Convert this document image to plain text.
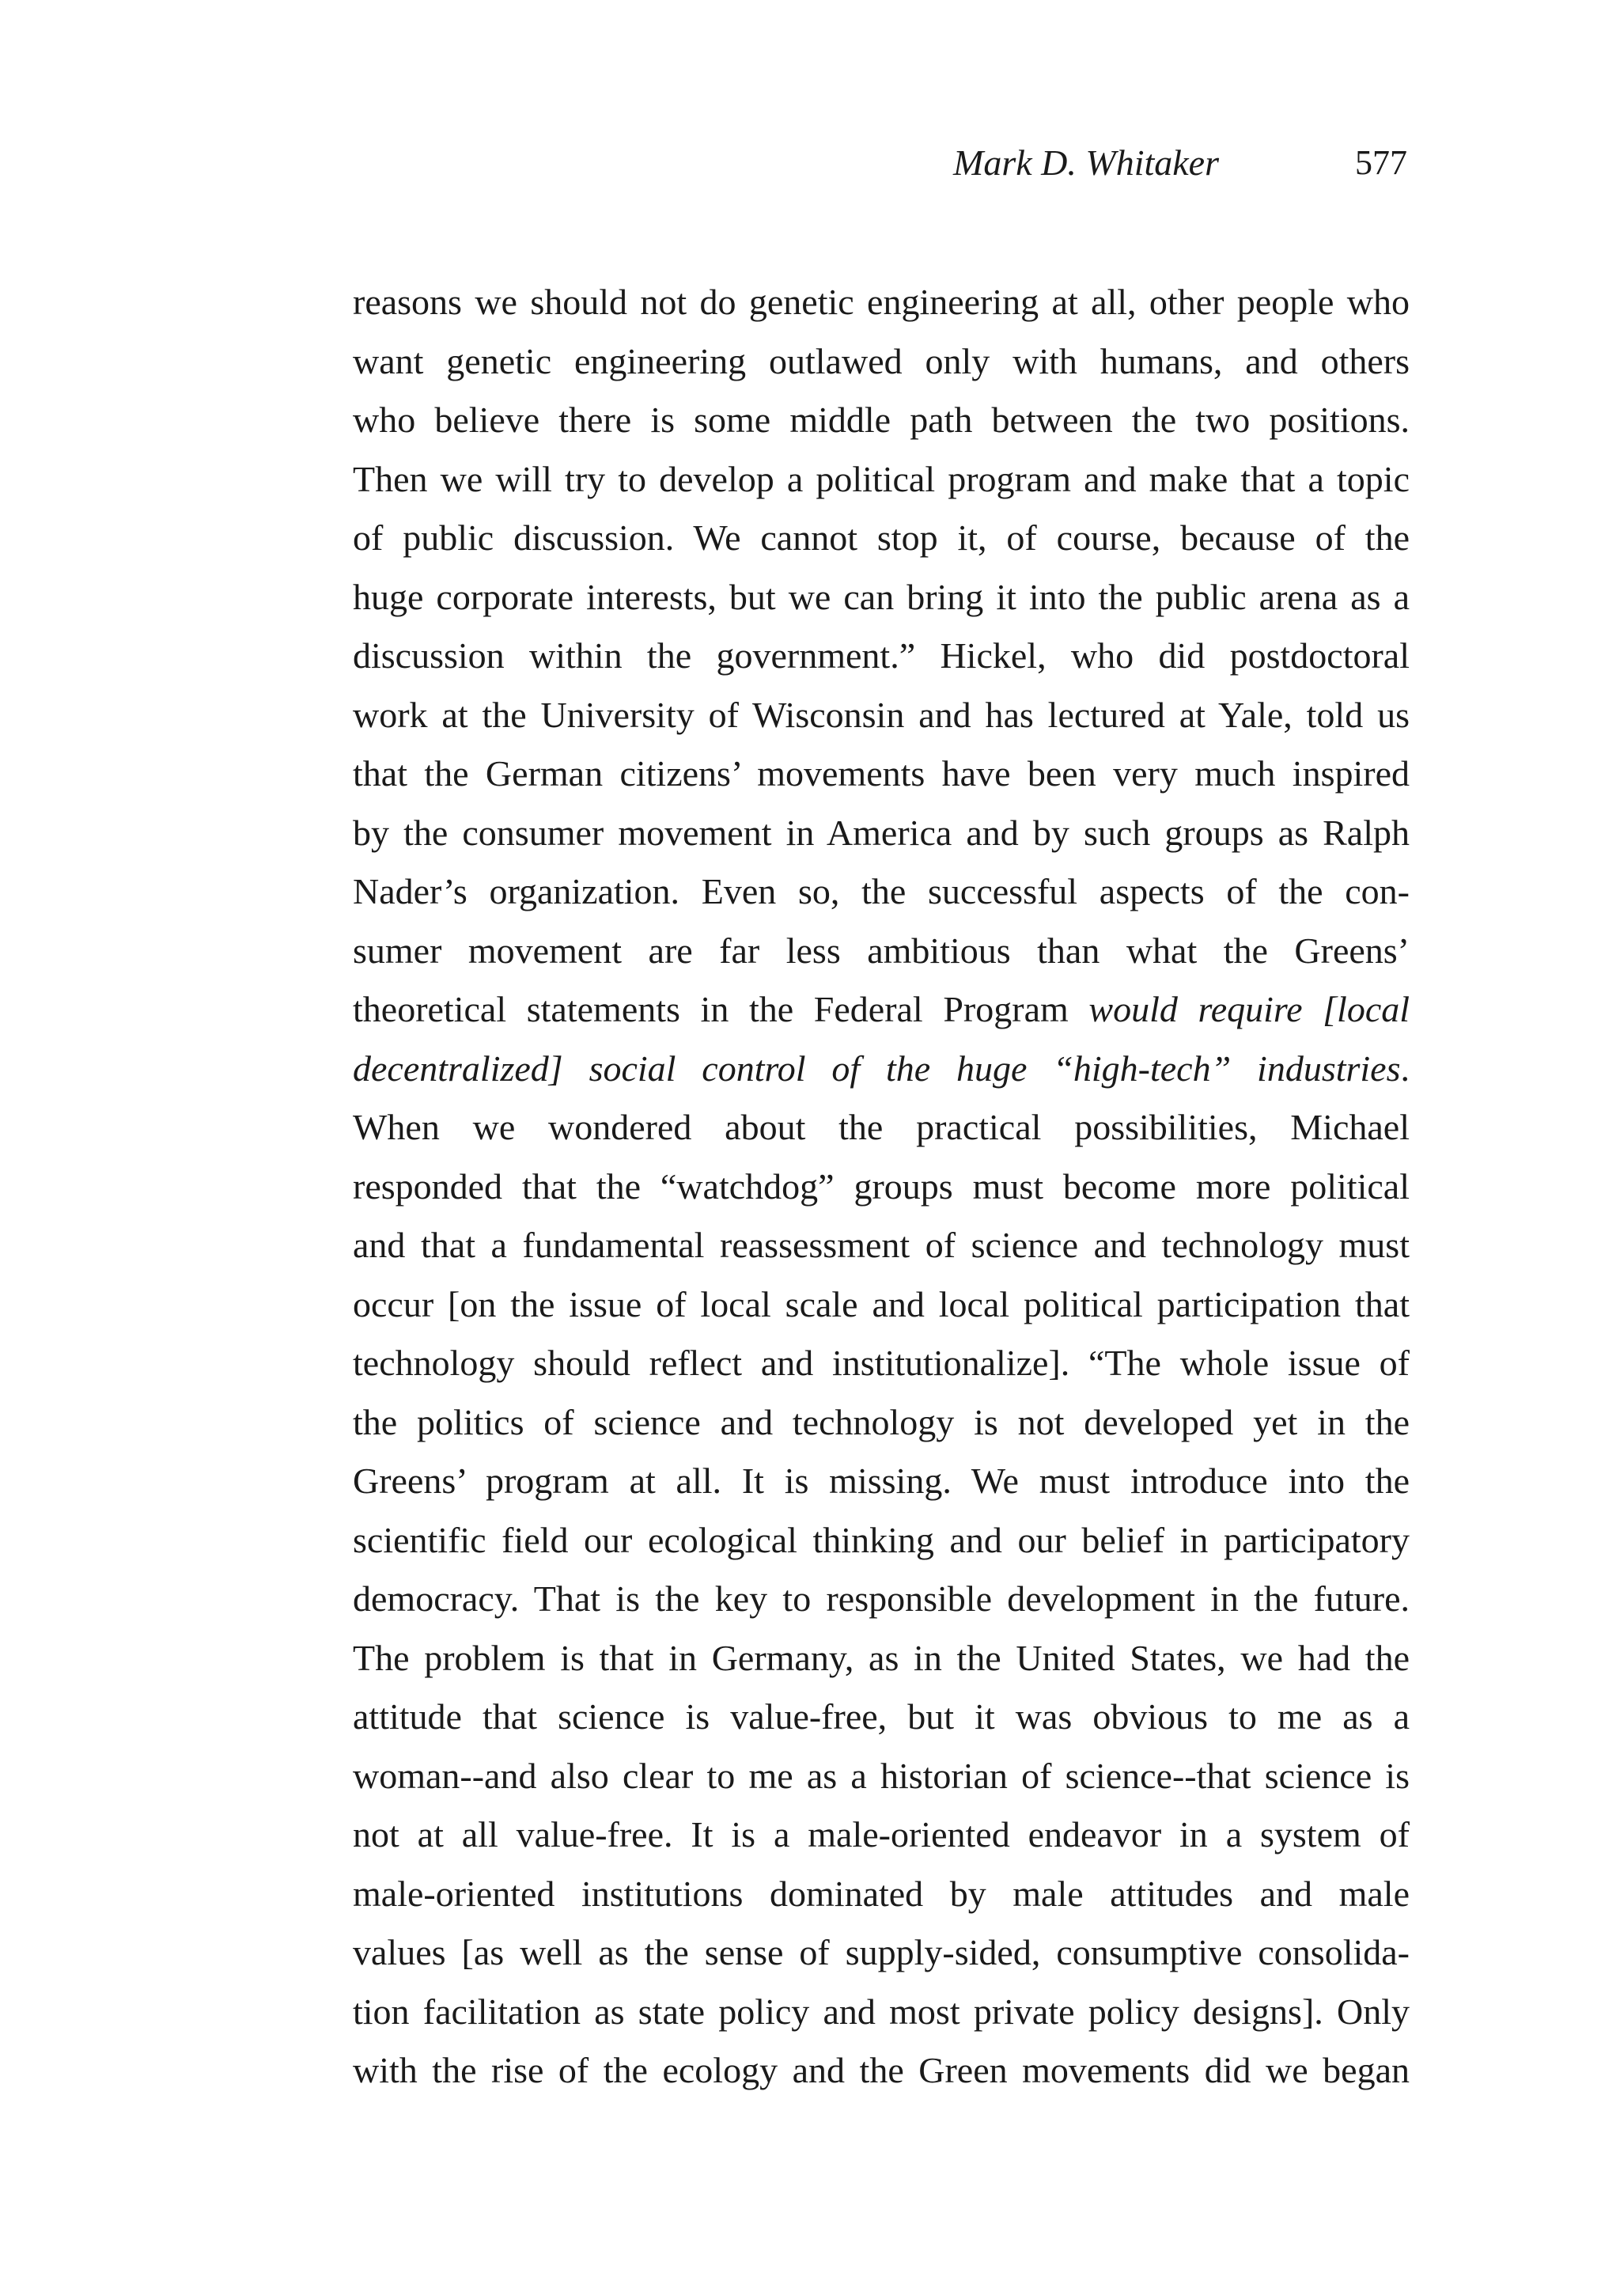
Mark D. Whitaker	577
reasons we should not do genetic engineering at all, other people who
want genetic engineering outlawed only with humans, and others
who believe there is some middle path between the two positions.
Then we will try to develop a political program and make that a topic
of public discussion. We cannot stop it, of course, because of the
huge corporate interests, but we can bring it into the public arena as a
discussion within the government.” Hickel, who did postdoctoral
work at the University of Wisconsin and has lectured at Yale, told us
that the German citizens’ movements have been very much inspired
by the consumer movement in America and by such groups as Ralph
Nader’s organization. Even so, the successful aspects of the con-
sumer movement are far less ambitious than what the Greens’
theoretical statements in the Federal Program would require [local
decentralized] social control of the huge “high-tech” industries.
When we wondered about the practical possibilities, Michael
responded that the “watchdog” groups must become more political
and that a fundamental reassessment of science and technology must
occur [on the issue of local scale and local political participation that
technology should reflect and institutionalize]. “The whole issue of
the politics of science and technology is not developed yet in the
Greens’ program at all. It is missing. We must introduce into the
scientific field our ecological thinking and our belief in participatory
democracy. That is the key to responsible development in the future.
The problem is that in Germany, as in the United States, we had the
attitude that science is value-free, but it was obvious to me as a
woman--and also clear to me as a historian of science--that science is
not at all value-free. It is a male-oriented endeavor in a system of
male-oriented institutions dominated by male attitudes and male
values [as well as the sense of supply-sided, consumptive consolida-
tion facilitation as state policy and most private policy designs]. Only
with the rise of the ecology and the Green movements did we began
